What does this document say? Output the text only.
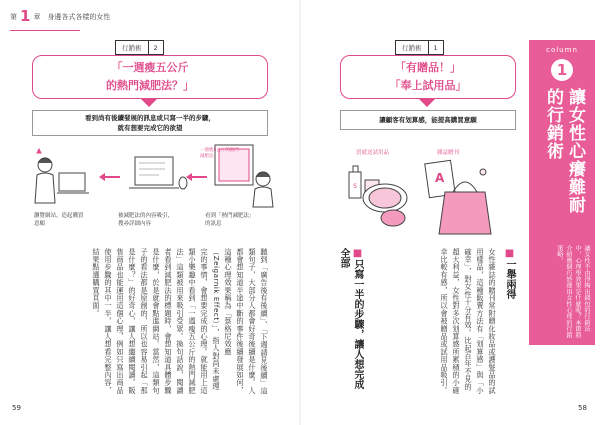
第 1 章 身邊各式各樣的女性
行銷術	2
「一週瘦五公斤
的熱門減肥法？」
看到尚有後續發展的訊息或只寫一半的步驟，
就有想要完成它的欲望
一週瘦5公斤的熱門減肥法
瀏覽網站，造起購買
意願
被減肥法的內容吸引，
搜尋詳細內容
看到「熱門減肥法」
的訊息
聽到「廣告後有後續」、「下週請見後續」這類句子，大部分人都會好奇後續是什麼。人都會想知道半途中斷的事件後續發展如何，這種心理效果稱為「蔡格尼效應（Zeigarnik Effect）」，指人對尚未處理完的事情，會想要完成的心理。就能用上這類小樂趣中看到「一週瘦五公斤的熱門減肥法」這類被用來吸引受眾。換句話說，閱讀者看到減肥法的標題時，會想知道具體步驟是什麼，於是就會點進網站。當然，這類句子的看法都是原創的，所以也容易引起「那是什麼？」的好奇心，讓人想繼續閱讀。販售商品也能運用這個心理，例如只寫出商品使用步驟的其中一半，讓人想看完整內容，結果點選購買頁面。
59
行銷術	1
「有贈品！」
「奉上試用品」
讓顧客有划算感，能提高購買意願
買就送試用品	雜誌贈刊
S
A
■一舉兩得
女性雜誌的贈刊常附贈化妝品或護髮品的試用樣品，這種販賣方法有「划算感」與「小確幸」，對女性十分有效。比起百年不見的超大利益，女性對多次划算感所累積的小確幸比較有感，所以會被贈品或試用品吸引。
■只寫一半的步驟，讓人想完成全部
58
column
1
讓女性心癢難耐
的行銷術
讓女性不由得掏出錢包的行銷法中，心理學效果是什麼呢？本節將介紹幾個巧妙運用女性心理的行銷策略。
